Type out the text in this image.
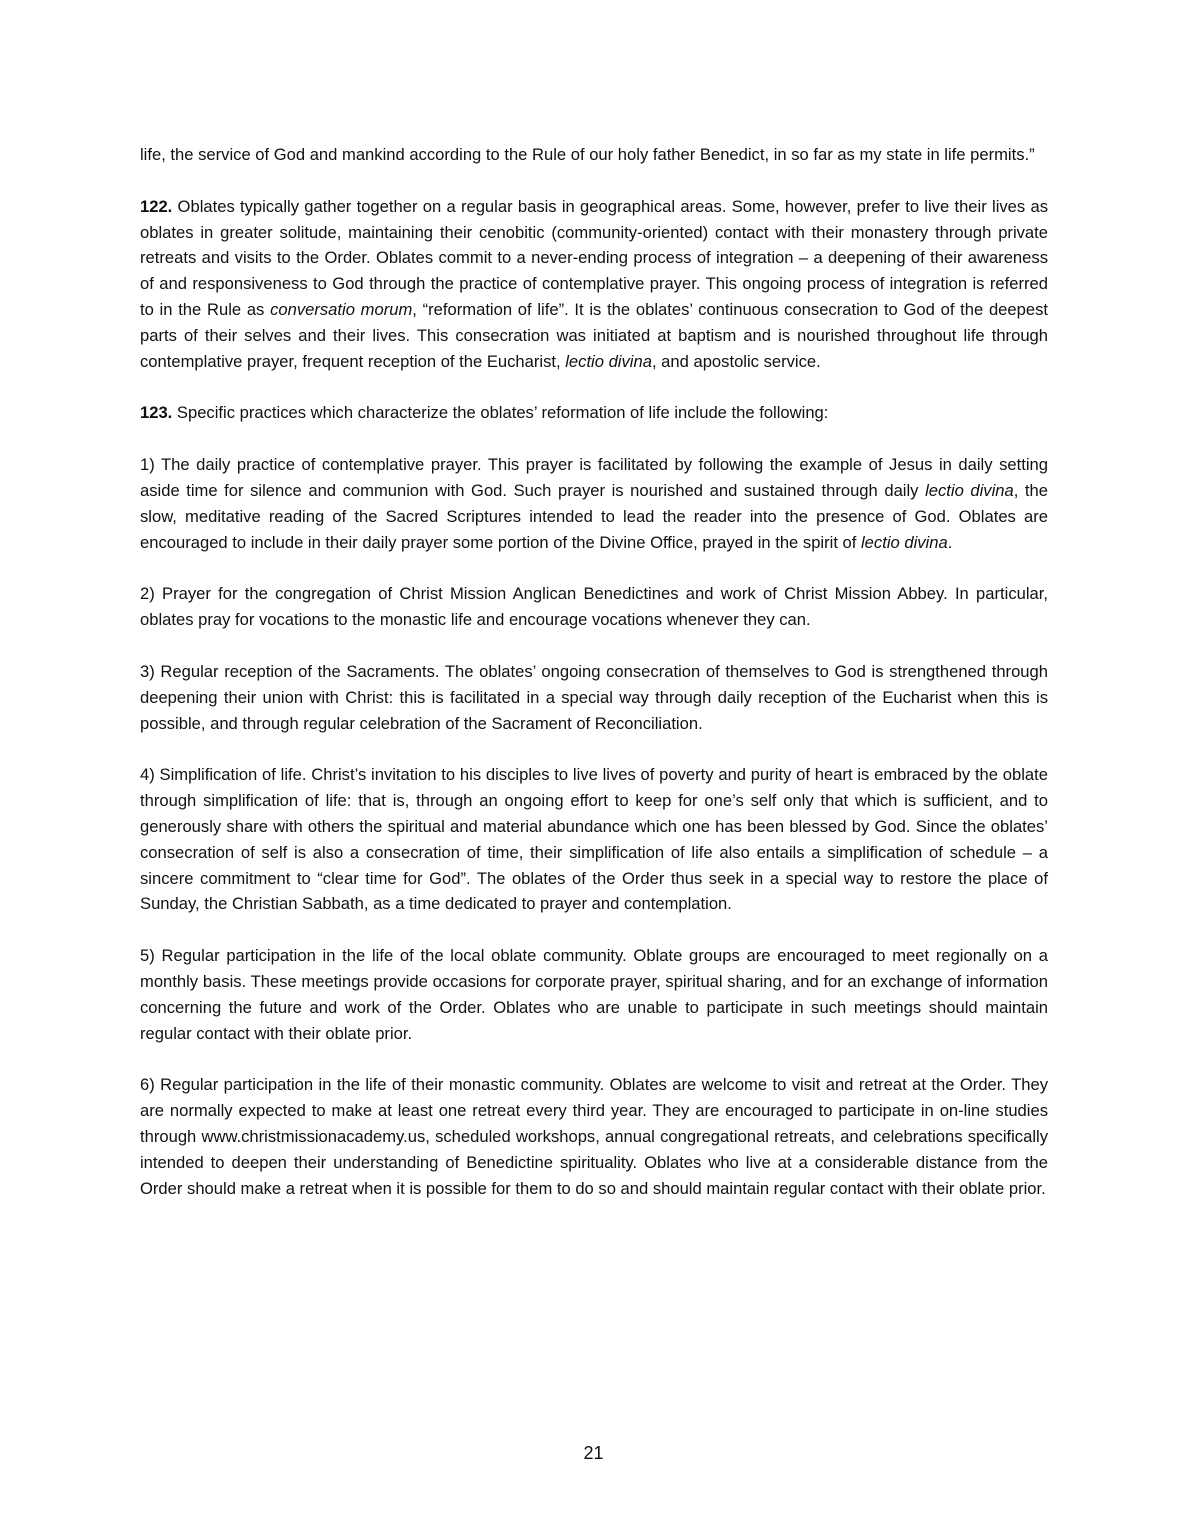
life, the service of God and mankind according to the Rule of our holy father Benedict, in so far as my state in life permits.”

122. Oblates typically gather together on a regular basis in geographical areas. Some, however, prefer to live their lives as oblates in greater solitude, maintaining their cenobitic (community-oriented) contact with their monastery through private retreats and visits to the Order. Oblates commit to a never-ending process of integration – a deepening of their awareness of and responsiveness to God through the practice of contemplative prayer. This ongoing process of integration is referred to in the Rule as conversatio morum, “reformation of life”. It is the oblates’ continuous consecration to God of the deepest parts of their selves and their lives. This consecration was initiated at baptism and is nourished throughout life through contemplative prayer, frequent reception of the Eucharist, lectio divina, and apostolic service.

123. Specific practices which characterize the oblates’ reformation of life include the following:

1) The daily practice of contemplative prayer. This prayer is facilitated by following the example of Jesus in daily setting aside time for silence and communion with God. Such prayer is nourished and sustained through daily lectio divina, the slow, meditative reading of the Sacred Scriptures intended to lead the reader into the presence of God. Oblates are encouraged to include in their daily prayer some portion of the Divine Office, prayed in the spirit of lectio divina.

2) Prayer for the congregation of Christ Mission Anglican Benedictines and work of Christ Mission Abbey. In particular, oblates pray for vocations to the monastic life and encourage vocations whenever they can.

3) Regular reception of the Sacraments. The oblates’ ongoing consecration of themselves to God is strengthened through deepening their union with Christ: this is facilitated in a special way through daily reception of the Eucharist when this is possible, and through regular celebration of the Sacrament of Reconciliation.

4) Simplification of life. Christ’s invitation to his disciples to live lives of poverty and purity of heart is embraced by the oblate through simplification of life: that is, through an ongoing effort to keep for one’s self only that which is sufficient, and to generously share with others the spiritual and material abundance which one has been blessed by God. Since the oblates’ consecration of self is also a consecration of time, their simplification of life also entails a simplification of schedule – a sincere commitment to “clear time for God”. The oblates of the Order thus seek in a special way to restore the place of Sunday, the Christian Sabbath, as a time dedicated to prayer and contemplation.

5) Regular participation in the life of the local oblate community. Oblate groups are encouraged to meet regionally on a monthly basis. These meetings provide occasions for corporate prayer, spiritual sharing, and for an exchange of information concerning the future and work of the Order. Oblates who are unable to participate in such meetings should maintain regular contact with their oblate prior.

6) Regular participation in the life of their monastic community. Oblates are welcome to visit and retreat at the Order. They are normally expected to make at least one retreat every third year. They are encouraged to participate in on-line studies through www.christmissionacademy.us, scheduled workshops, annual congregational retreats, and celebrations specifically intended to deepen their understanding of Benedictine spirituality. Oblates who live at a considerable distance from the Order should make a retreat when it is possible for them to do so and should maintain regular contact with their oblate prior.

21
